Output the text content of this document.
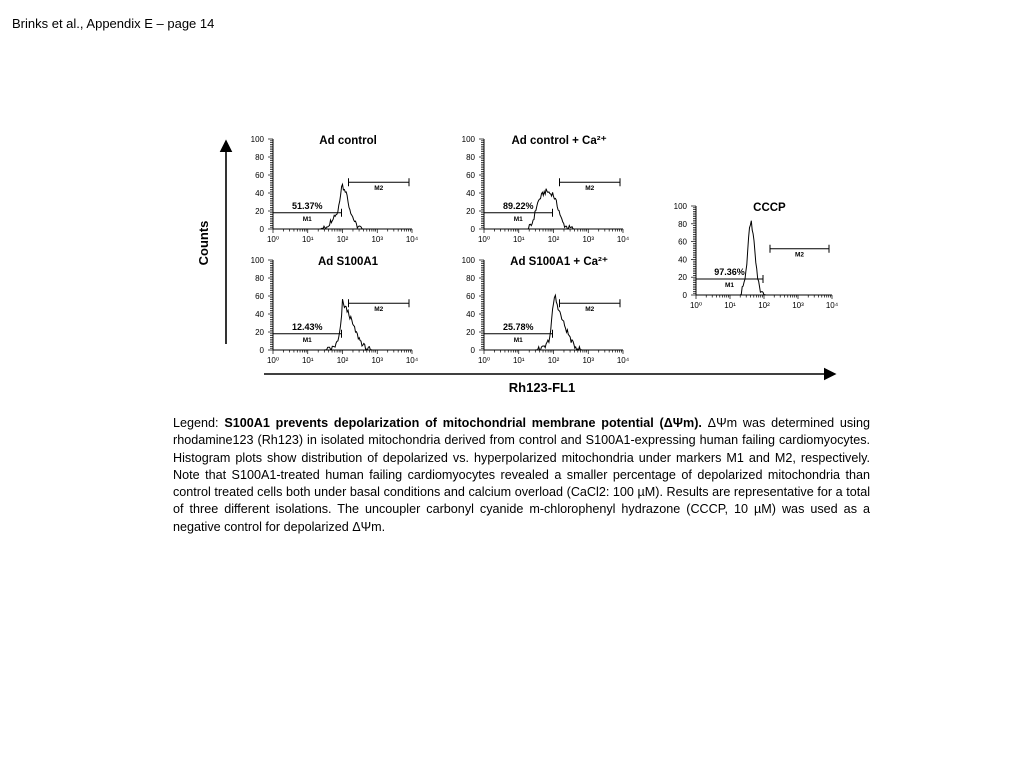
Brinks et al., Appendix E – page 14
Counts
Rh123-FL1
0
20
40
60
80
100
10⁰	10¹	10²	10³	10⁴
Ad control
M1
51.37%
M2
0
20
40
60
80
100
10⁰	10¹	10²	10³	10⁴
Ad control + Ca²⁺
M1
89.22%
M2
0
20
40
60
80
100
10⁰	10¹	10²	10³	10⁴
Ad S100A1
M1
12.43%
M2
0
20
40
60
80
100
10⁰	10¹	10²	10³	10⁴
Ad S100A1 + Ca²⁺
M1
25.78%
M2
0
20
40
60
80
100
10⁰	10¹	10²	10³	10⁴
CCCP
M1
97.36%
M2
Legend: S100A1 prevents depolarization of mitochondrial membrane potential (ΔΨm). ΔΨm was determined using rhodamine123 (Rh123) in isolated mitochondria derived from control and S100A1-expressing human failing cardiomyocytes. Histogram plots show distribution of depolarized vs. hyperpolarized mitochondria under markers M1 and M2, respectively. Note that S100A1-treated human failing cardiomyocytes revealed a smaller percentage of depolarized mitochondria than control treated cells both under basal conditions and calcium overload (CaCl2: 100 µM). Results are representative for a total of three different isolations. The uncoupler carbonyl cyanide m-chlorophenyl hydrazone (CCCP, 10 µM) was used as a negative control for depolarized ΔΨm.
